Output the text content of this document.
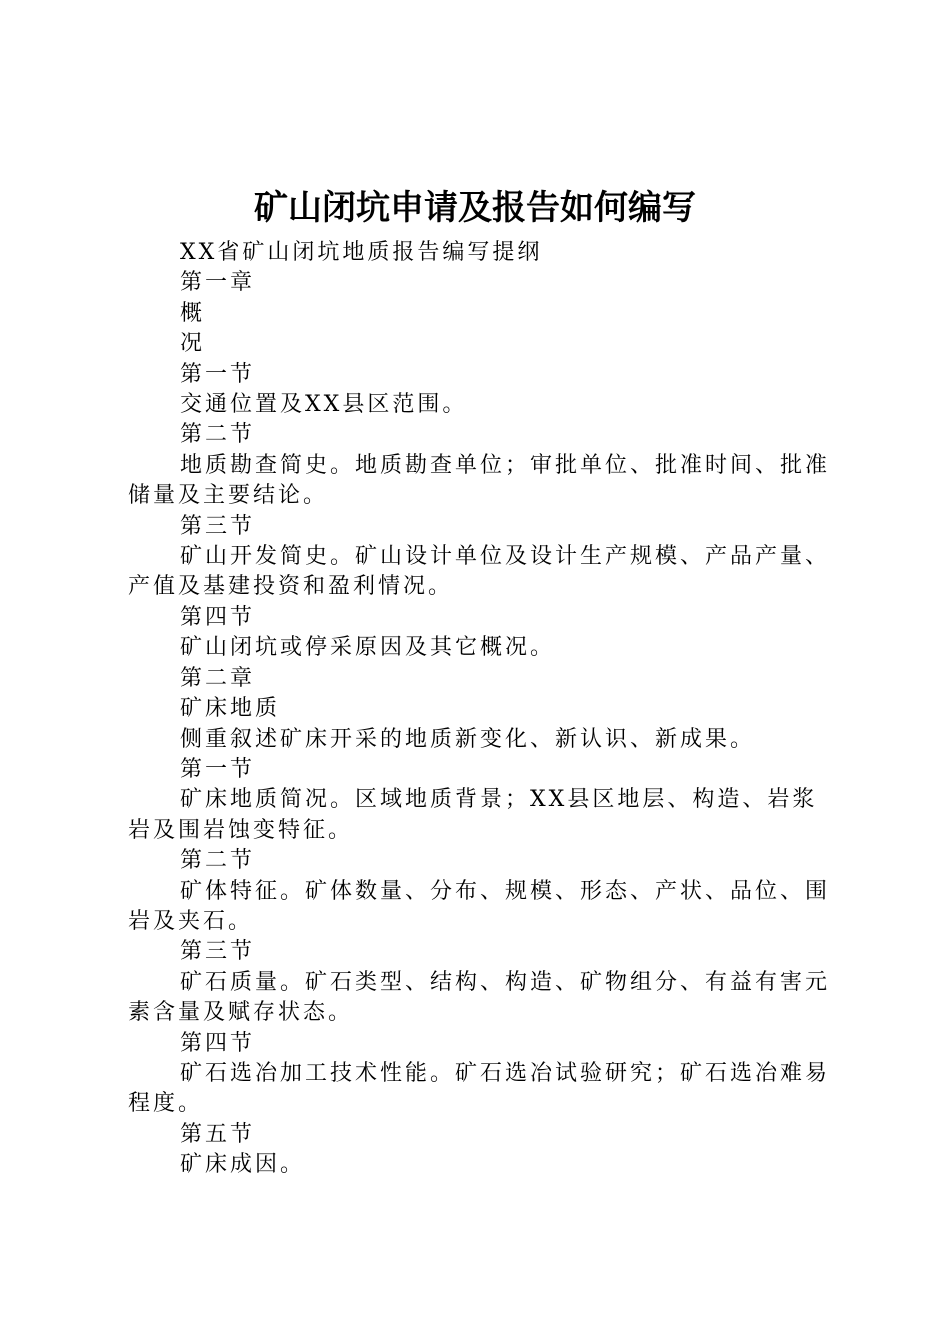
矿山闭坑申请及报告如何编写

XX省矿山闭坑地质报告编写提纲

第一章

概

况

第一节

交通位置及XX县区范围。

第二节

地质勘查简史。地质勘查单位；审批单位、批准时间、批准储量及主要结论。

第三节

矿山开发简史。矿山设计单位及设计生产规模、产品产量、产值及基建投资和盈利情况。

第四节

矿山闭坑或停采原因及其它概况。

第二章

矿床地质

侧重叙述矿床开采的地质新变化、新认识、新成果。

第一节

矿床地质简况。区域地质背景；XX县区地层、构造、岩浆岩及围岩蚀变特征。

第二节

矿体特征。矿体数量、分布、规模、形态、产状、品位、围岩及夹石。

第三节

矿石质量。矿石类型、结构、构造、矿物组分、有益有害元素含量及赋存状态。

第四节

矿石选冶加工技术性能。矿石选冶试验研究；矿石选冶难易程度。

第五节

矿床成因。
